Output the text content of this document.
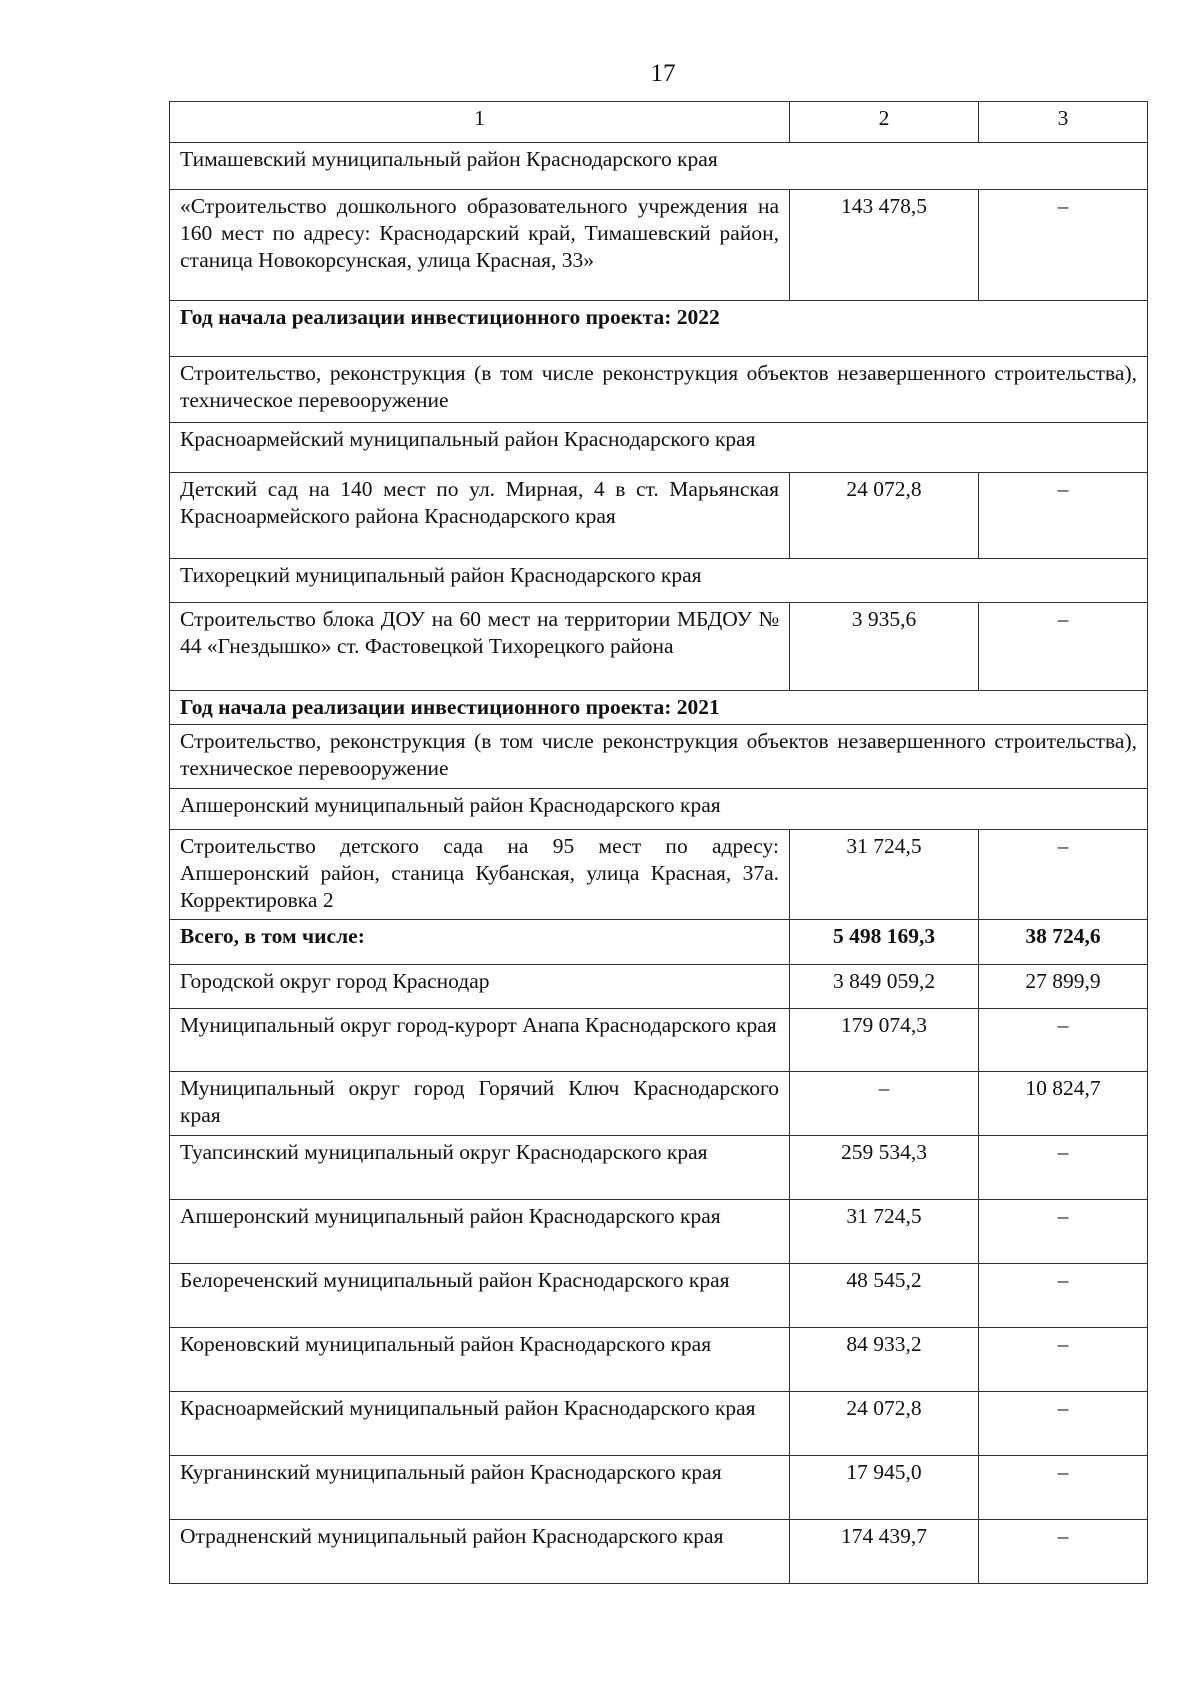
17
1	2	3
Тимашевский муниципальный район Краснодарского края		
«Строительство дошкольного образовательного учреждения на 160 мест по адресу: Краснодарский край, Тимашевский район, станица Новокорсунская, улица Красная, 33»	143 478,5	–
Год начала реализации инвестиционного проекта: 2022		
Строительство, реконструкция (в том числе реконструкция объектов незавершенного строительства), техническое перевооружение		
Красноармейский муниципальный район Краснодарского края		
Детский сад на 140 мест по ул. Мирная, 4 в ст. Марьянская Красноармейского района Краснодарского края	24 072,8	–
Тихорецкий муниципальный район Краснодарского края		
Строительство блока ДОУ на 60 мест на территории МБДОУ № 44 «Гнездышко» ст. Фастовецкой Тихорецкого района	3 935,6	–
Год начала реализации инвестиционного проекта: 2021		
Строительство, реконструкция (в том числе реконструкция объектов незавершенного строительства), техническое перевооружение		
Апшеронский муниципальный район Краснодарского края		
Строительство детского сада на 95 мест по адресу: Апшеронский район, станица Кубанская, улица Красная, 37а. Корректировка 2	31 724,5	–
Всего, в том числе:	5 498 169,3	38 724,6
Городской округ город Краснодар	3 849 059,2	27 899,9
Муниципальный округ город-курорт Анапа Краснодарского края	179 074,3	–
Муниципальный округ город Горячий Ключ Краснодарского края	–	10 824,7
Туапсинский муниципальный округ Краснодарского края	259 534,3	–
Апшеронский муниципальный район Краснодарского края	31 724,5	–
Белореченский муниципальный район Краснодарского края	48 545,2	–
Кореновский муниципальный район Краснодарского края	84 933,2	–
Красноармейский муниципальный район Краснодарского края	24 072,8	–
Курганинский муниципальный район Краснодарского края	17 945,0	–
Отрадненский муниципальный район Краснодарского края	174 439,7	–
